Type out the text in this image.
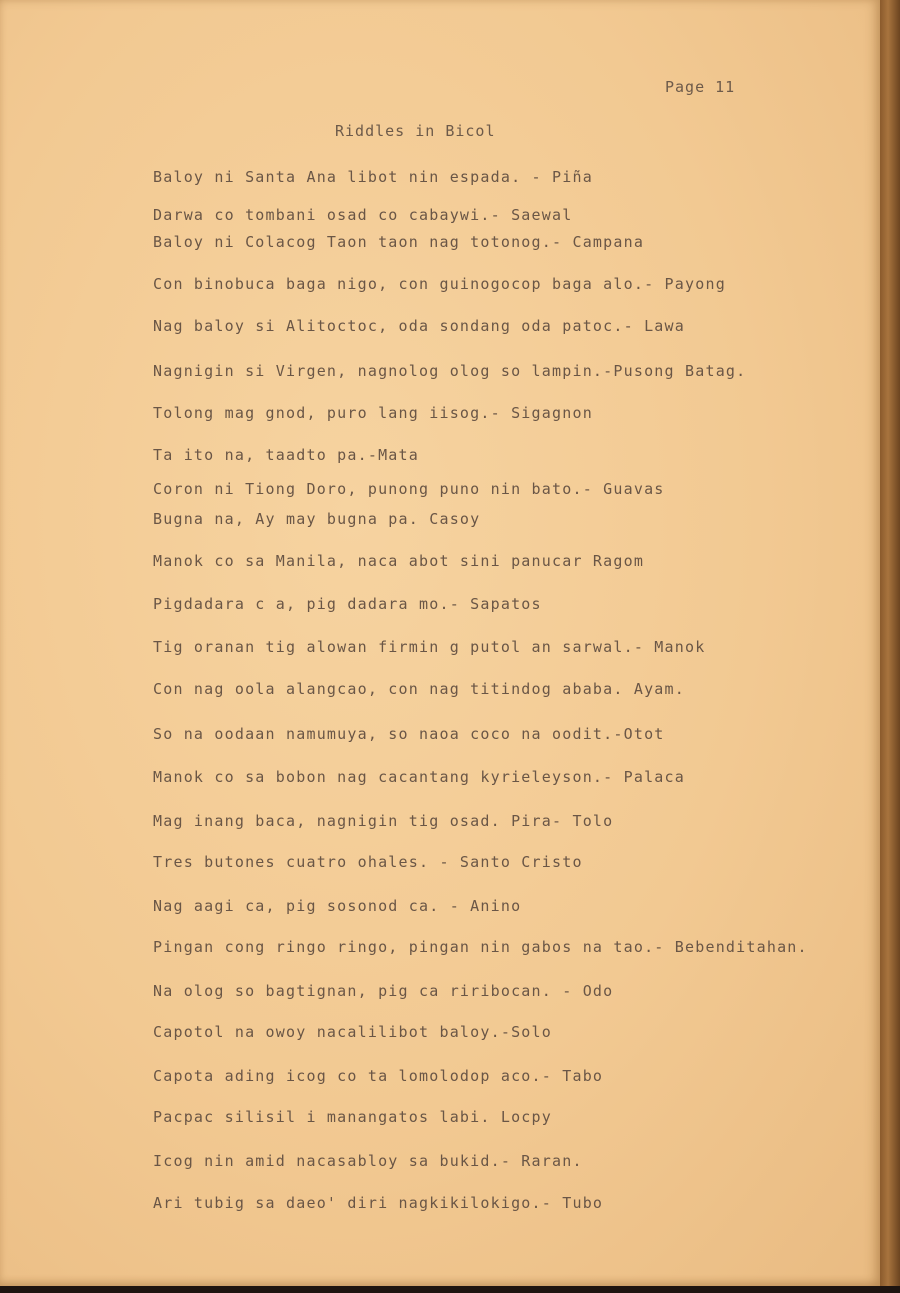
Page 11
Riddles in Bicol
Baloy ni Santa Ana libot nin espada. - Piña
Darwa co tombani osad co cabaywi.- Saewal
Baloy ni Colacog Taon taon nag totonog.- Campana
Con binobuca baga nigo, con guinogocop baga alo.- Payong
Nag baloy si Alitoctoc, oda sondang oda patoc.- Lawa
Nagnigin si Virgen, nagnolog olog so lampin.-Pusong Batag.
Tolong mag gnod, puro lang iisog.- Sigagnon
Ta ito na, taadto pa.-Mata
Coron ni Tiong Doro, punong puno nin bato.- Guavas
Bugna na, Ay may bugna pa. Casoy
Manok co sa Manila, naca abot sini panucar Ragom
Pigdadara c a, pig dadara mo.- Sapatos
Tig oranan tig alowan firmin g putol an sarwal.- Manok
Con nag oola alangcao, con nag titindog ababa. Ayam.
So na oodaan namumuya, so naoa coco na oodit.-Otot
Manok co sa bobon nag cacantang kyrieleyson.- Palaca
Mag inang baca, nagnigin tig osad. Pira- Tolo
Tres butones cuatro ohales. - Santo Cristo
Nag aagi ca, pig sosonod ca. - Anino
Pingan cong ringo ringo, pingan nin gabos na tao.- Bebenditahan.
Na olog so bagtignan, pig ca riribocan. - Odo
Capotol na owoy nacalilibot baloy.-Solo
Capota ading icog co ta lomolodop aco.- Tabo
Pacpac silisil i manangatos labi. Locpy
Icog nin amid nacasabloy sa bukid.- Raran.
Ari tubig sa daeo' diri nagkikilokigo.- Tubo
